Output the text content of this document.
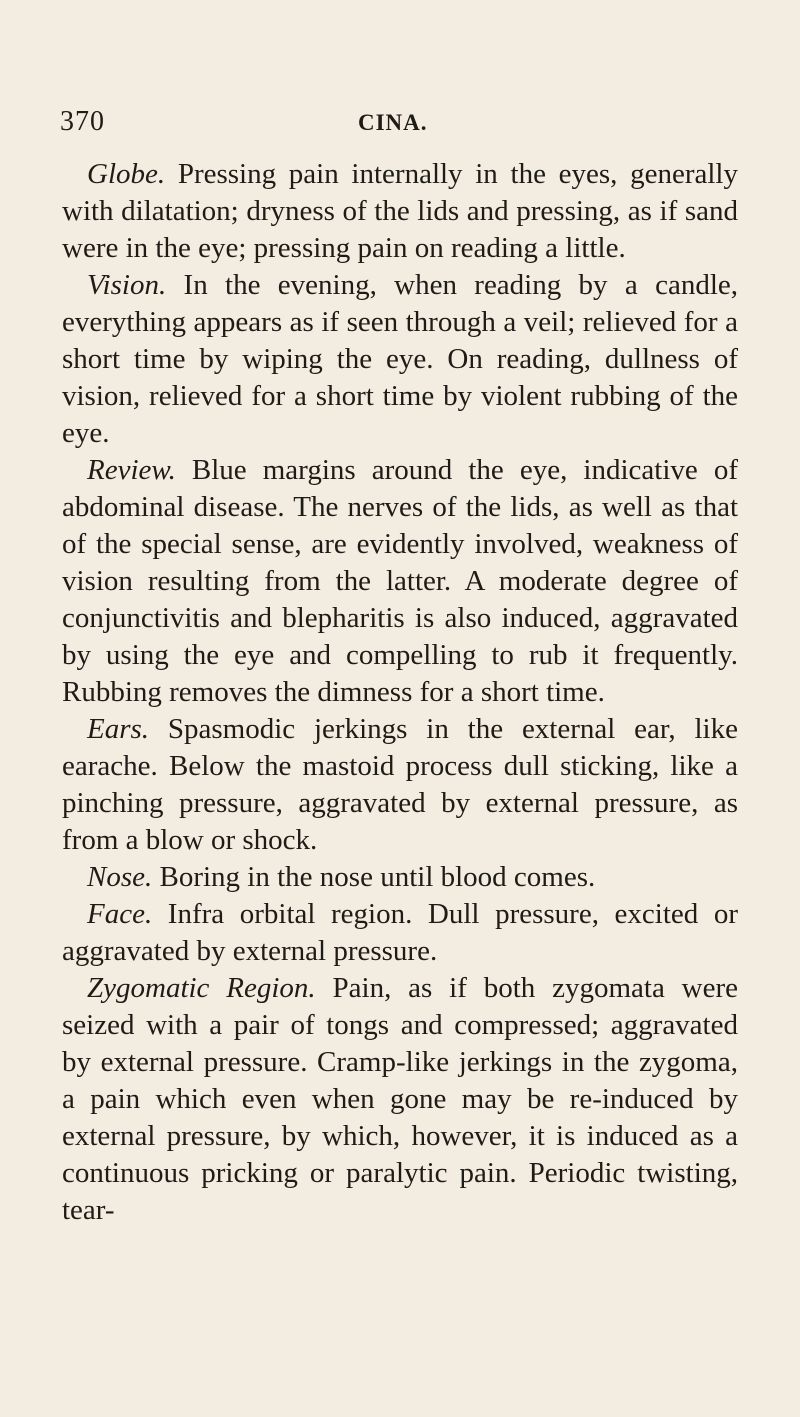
370	CINA.

Globe. Pressing pain internally in the eyes, generally with dilatation; dryness of the lids and pressing, as if sand were in the eye; pressing pain on reading a little.

Vision. In the evening, when reading by a candle, everything appears as if seen through a veil; relieved for a short time by wiping the eye. On reading, dullness of vision, relieved for a short time by violent rubbing of the eye.

Review. Blue margins around the eye, indicative of abdominal disease. The nerves of the lids, as well as that of the special sense, are evidently involved, weakness of vision resulting from the latter. A moderate degree of conjunctivitis and blepharitis is also induced, aggravated by using the eye and compelling to rub it frequently. Rubbing removes the dimness for a short time.

Ears. Spasmodic jerkings in the external ear, like earache. Below the mastoid process dull sticking, like a pinching pressure, aggravated by external pressure, as from a blow or shock.

Nose. Boring in the nose until blood comes.

Face. Infra orbital region. Dull pressure, excited or aggravated by external pressure.

Zygomatic Region. Pain, as if both zygomata were seized with a pair of tongs and compressed; aggravated by external pressure. Cramp-like jerkings in the zygoma, a pain which even when gone may be re-induced by external pressure, by which, however, it is induced as a continuous pricking or paralytic pain. Periodic twisting, tear-
